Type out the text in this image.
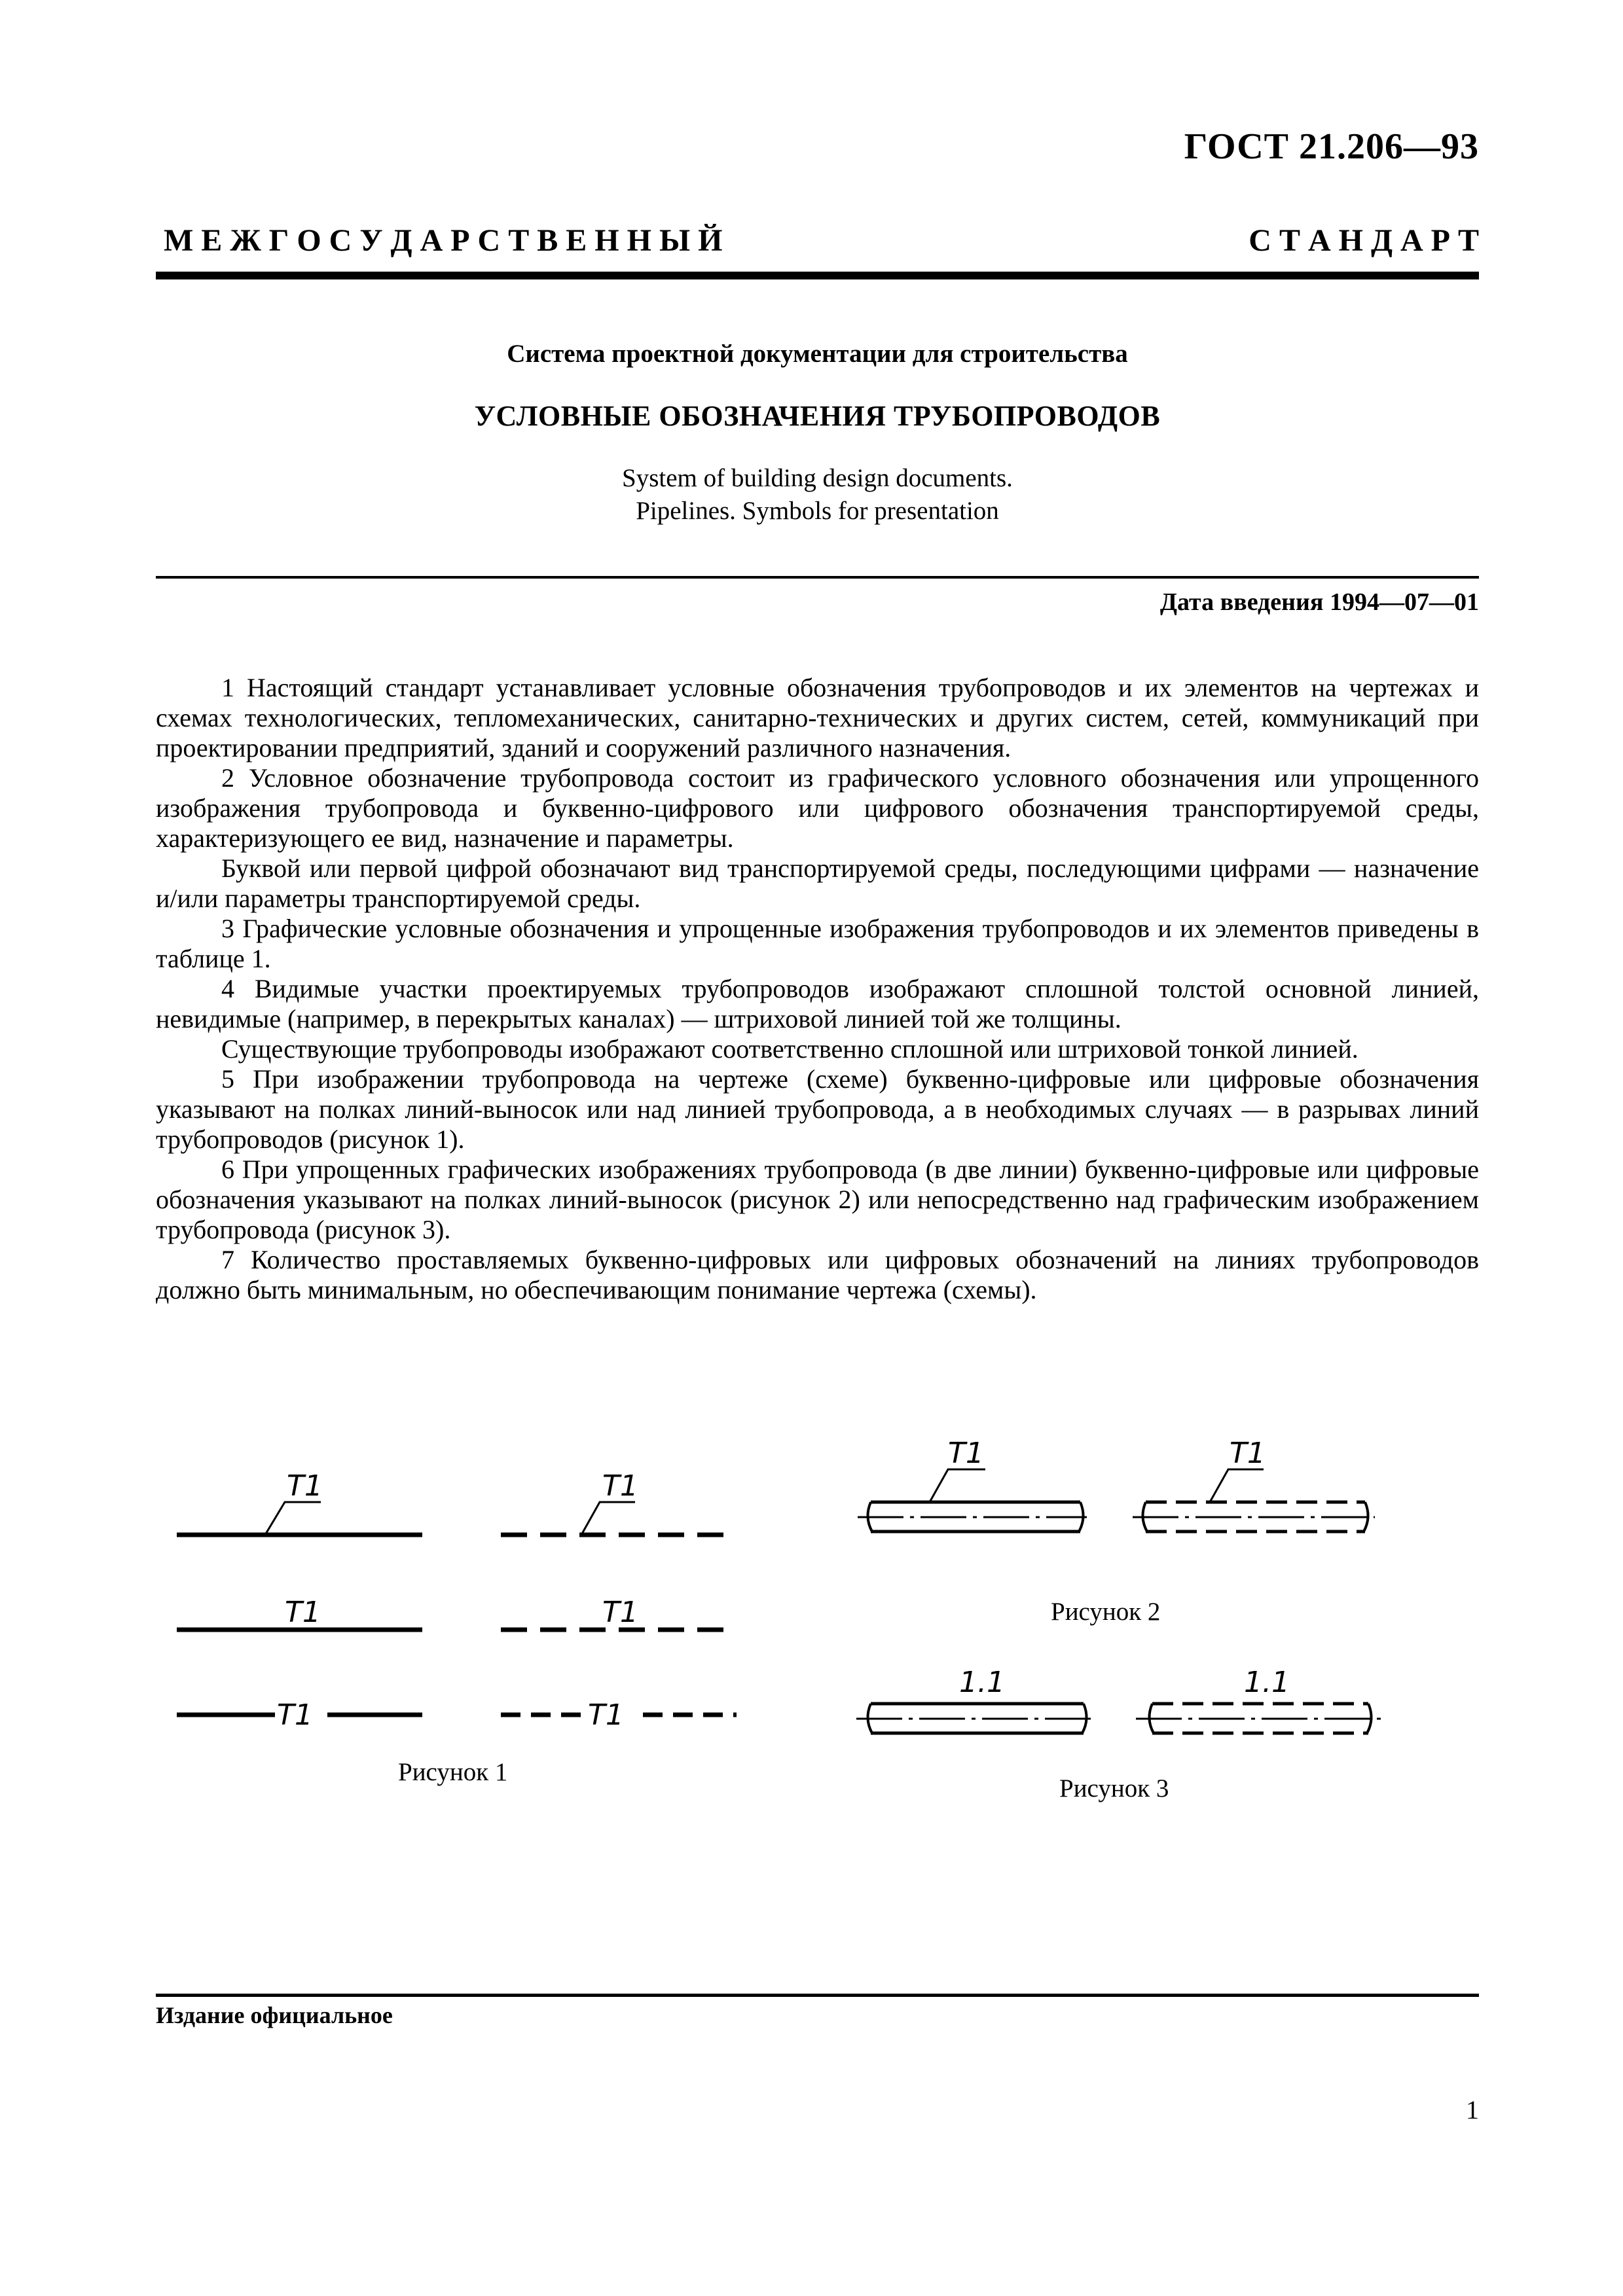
ГОСТ 21.206—93
М Е Ж Г О С У Д А Р С Т В Е Н Н Ы Й	С Т А Н Д А Р Т
Система проектной документации для строительства
УСЛОВНЫЕ ОБОЗНАЧЕНИЯ ТРУБОПРОВОДОВ
System of building design documents.
Pipelines. Symbols for presentation
Дата введения 1994—07—01

1 Настоящий стандарт устанавливает условные обозначения трубопроводов и их элементов на чертежах и схемах технологических, тепломеханических, санитарно-технических и других систем, сетей, коммуникаций при проектировании предприятий, зданий и сооружений различного назначения.

2 Условное обозначение трубопровода состоит из графического условного обозначения или упрощенного изображения трубопровода и буквенно-цифрового или цифрового обозначения транспортируемой среды, характеризующего ее вид, назначение и параметры.

Буквой или первой цифрой обозначают вид транспортируемой среды, последующими цифрами — назначение и/или параметры транспортируемой среды.

3 Графические условные обозначения и упрощенные изображения трубопроводов и их элементов приведены в таблице 1.

4 Видимые участки проектируемых трубопроводов изображают сплошной толстой основной линией, невидимые (например, в перекрытых каналах) — штриховой линией той же толщины.

Существующие трубопроводы изображают соответственно сплошной или штриховой тонкой линией.

5 При изображении трубопровода на чертеже (схеме) буквенно-цифровые или цифровые обозначения указывают на полках линий-выносок или над линией трубопровода, а в необходимых случаях — в разрывах линий трубопроводов (рисунок 1).

6 При упрощенных графических изображениях трубопровода (в две линии) буквенно-цифровые или цифровые обозначения указывают на полках линий-выносок (рисунок 2) или непосредственно над графическим изображением трубопровода (рисунок 3).

7 Количество проставляемых буквенно-цифровых или цифровых обозначений на линиях трубопроводов должно быть минимальным, но обеспечивающим понимание чертежа (схемы).

T1	T1
T1	T1
T1	T1
Рисунок 1
T1	T1
Рисунок 2
1.1	1.1
Рисунок 3
Издание официальное
1
